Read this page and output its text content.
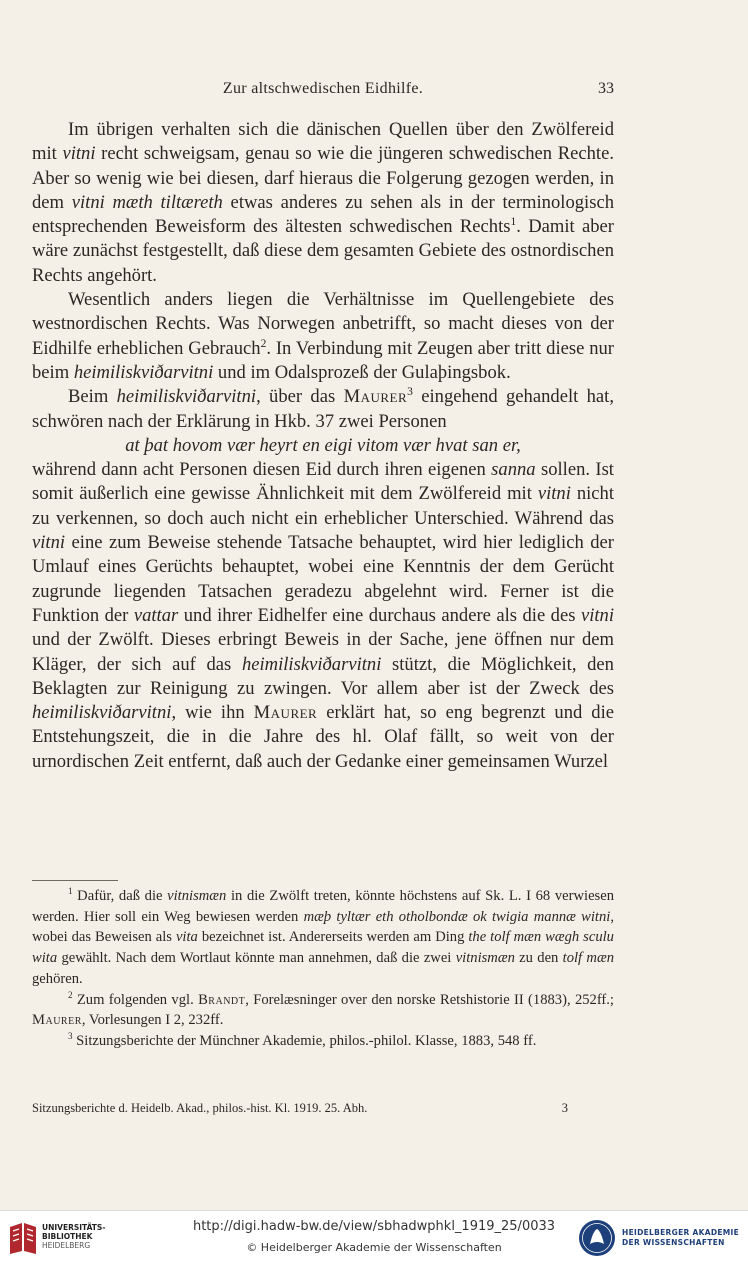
Zur altschwedischen Eidhilfe.	33

Im übrigen verhalten sich die dänischen Quellen über den Zwölfereid mit vitni recht schweigsam, genau so wie die jüngeren schwedischen Rechte. Aber so wenig wie bei diesen, darf hieraus die Folgerung gezogen werden, in dem vitni mæth tiltæreth etwas anderes zu sehen als in der terminologisch entsprechenden Beweisform des ältesten schwedischen Rechts$^1$. Damit aber wäre zunächst festgestellt, daß diese dem gesamten Gebiete des ostnordischen Rechts angehört.

Wesentlich anders liegen die Verhältnisse im Quellengebiete des westnordischen Rechts. Was Norwegen anbetrifft, so macht dieses von der Eidhilfe erheblichen Gebrauch$^2$. In Verbindung mit Zeugen aber tritt diese nur beim heimiliskviðarvitni und im Odalsprozeß der Gulaþingsbok.

Beim heimiliskviðarvitni, über das Maurer$^3$ eingehend gehandelt hat, schwören nach der Erklärung in Hkb. 37 zwei Personen

at þat hovom vær heyrt en eigi vitom vær hvat san er,

während dann acht Personen diesen Eid durch ihren eigenen sanna sollen. Ist somit äußerlich eine gewisse Ähnlichkeit mit dem Zwölfereid mit vitni nicht zu verkennen, so doch auch nicht ein erheblicher Unterschied. Während das vitni eine zum Beweise stehende Tatsache behauptet, wird hier lediglich der Umlauf eines Gerüchts behauptet, wobei eine Kenntnis der dem Gerücht zugrunde liegenden Tatsachen geradezu abgelehnt wird. Ferner ist die Funktion der vattar und ihrer Eidhelfer eine durchaus andere als die des vitni und der Zwölft. Dieses erbringt Beweis in der Sache, jene öffnen nur dem Kläger, der sich auf das heimiliskviðarvitni stützt, die Möglichkeit, den Beklagten zur Reinigung zu zwingen. Vor allem aber ist der Zweck des heimiliskviðarvitni, wie ihn Maurer erklärt hat, so eng begrenzt und die Entstehungszeit, die in die Jahre des hl. Olaf fällt, so weit von der urnordischen Zeit entfernt, daß auch der Gedanke einer gemeinsamen Wurzel

$^1$ Dafür, daß die vitnismæn in die Zwölft treten, könnte höchstens auf Sk. L. I 68 verwiesen werden. Hier soll ein Weg bewiesen werden mæþ tyltær eth otholbondæ ok twigia mannæ witni, wobei das Beweisen als vita bezeichnet ist. Andererseits werden am Ding the tolf mæn wægh sculu wita gewählt. Nach dem Wortlaut könnte man annehmen, daß die zwei vitnismæn zu den tolf mæn gehören.

$^2$ Zum folgenden vgl. Brandt, Forelæsninger over den norske Retshistorie II (1883), 252ff.; Maurer, Vorlesungen I 2, 232ff.

$^3$ Sitzungsberichte der Münchner Akademie, philos.-philol. Klasse, 1883, 548 ff.

Sitzungsberichte d. Heidelb. Akad., philos.-hist. Kl. 1919. 25. Abh.	3
UNIVERSITÄTS-
BIBLIOTHEK
HEIDELBERG
http://digi.hadw-bw.de/view/sbhadwphkl_1919_25/0033
© Heidelberger Akademie der Wissenschaften
HEIDELBERGER AKADEMIE
DER WISSENSCHAFTEN
